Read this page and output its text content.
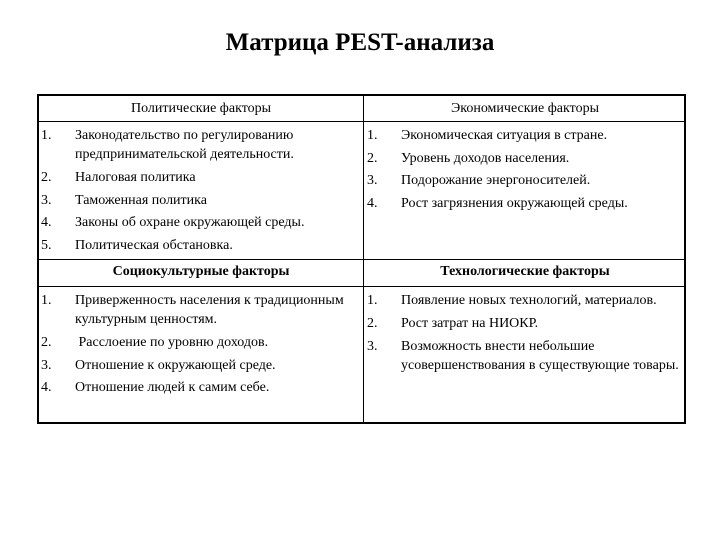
Матрица PEST-анализа
Политические факторы	Экономические факторы
Социокультурные факторы	Технологические факторы
1. Законодательство по регулированию предпринимательской деятельности.
2. Налоговая политика
3. Таможенная политика
4. Законы об охране окружающей среды.
5. Политическая обстановка.
1. Экономическая ситуация в стране.
2. Уровень доходов населения.
3. Подорожание энергоносителей.
4. Рост загрязнения окружающей среды.
1. Приверженность населения к традиционным культурным ценностям.
2. Расслоение по уровню доходов.
3. Отношение к окружающей среде.
4. Отношение людей к самим себе.
1. Появление новых технологий, материалов.
2. Рост затрат на НИОКР.
3. Возможность внести небольшие усовершенствования в существующие товары.
